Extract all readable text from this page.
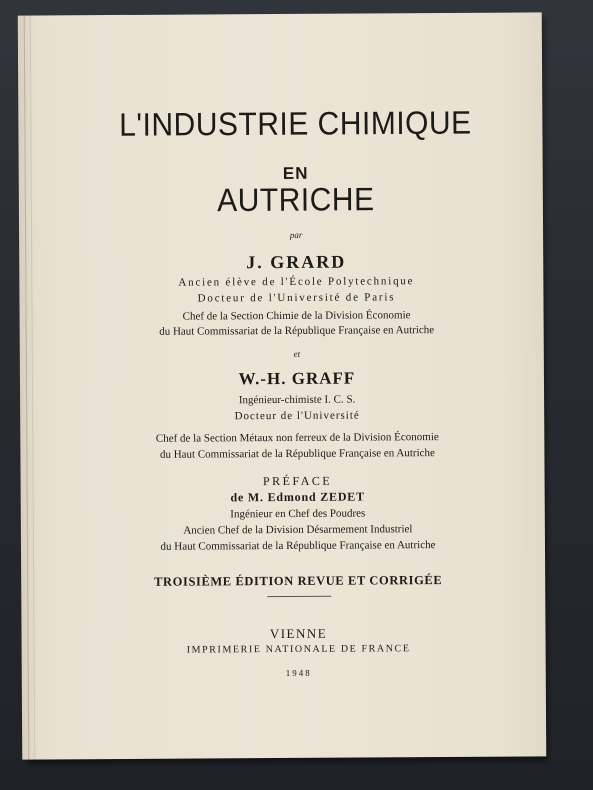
L'INDUSTRIE CHIMIQUE
EN
AUTRICHE
par
J. GRARD
Ancien élève de l'École Polytechnique
Docteur de l'Université de Paris
Chef de la Section Chimie de la Division Économie
du Haut Commissariat de la République Française en Autriche
et
W.-H. GRAFF
Ingénieur-chimiste I. C. S.
Docteur de l'Université
Chef de la Section Métaux non ferreux de la Division Économie
du Haut Commissariat de la République Française en Autriche
PRÉFACE
de M. Edmond ZEDET
Ingénieur en Chef des Poudres
Ancien Chef de la Division Désarmement Industriel
du Haut Commissariat de la République Française en Autriche
TROISIÈME ÉDITION REVUE ET CORRIGÉE
VIENNE
IMPRIMERIE NATIONALE DE FRANCE
1948
